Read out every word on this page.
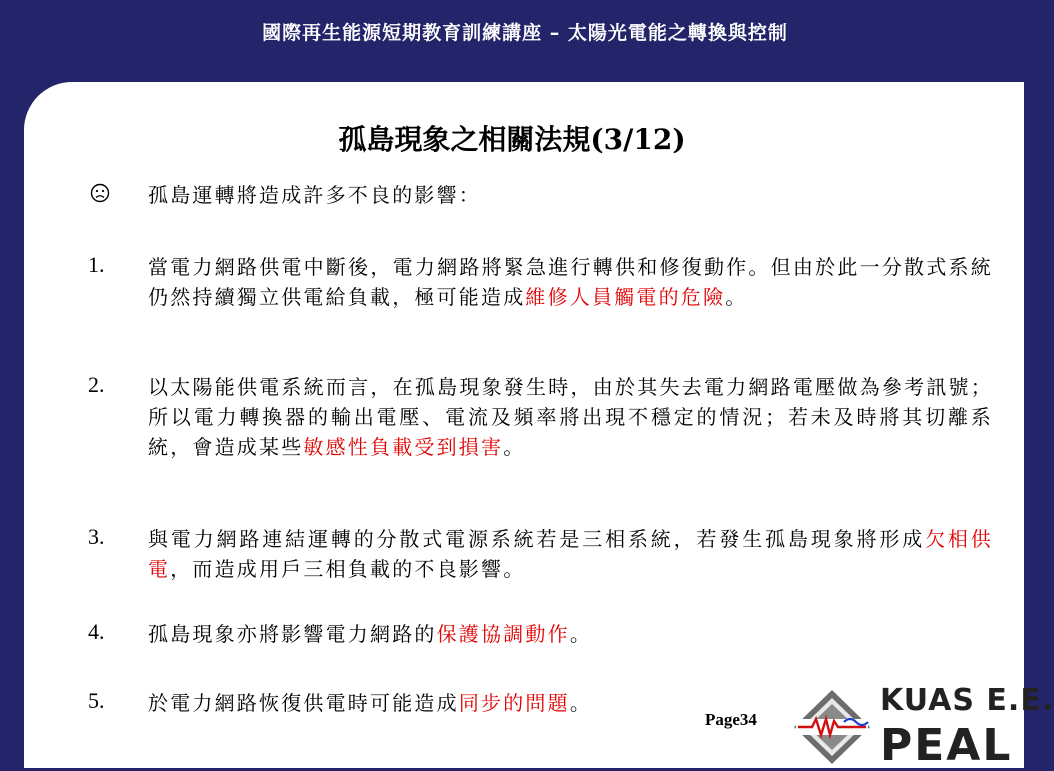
國際再生能源短期教育訓練講座 – 太陽光電能之轉換與控制
孤島現象之相關法規(3/12)
孤島運轉將造成許多不良的影響：
1. 當電力網路供電中斷後，電力網路將緊急進行轉供和修復動作。但由於此一分散式系統仍然持續獨立供電給負載，極可能造成維修人員觸電的危險。
2. 以太陽能供電系統而言，在孤島現象發生時，由於其失去電力網路電壓做為參考訊號；所以電力轉換器的輸出電壓、電流及頻率將出現不穩定的情況；若未及時將其切離系統，會造成某些敏感性負載受到損害。
3. 與電力網路連結運轉的分散式電源系統若是三相系統，若發生孤島現象將形成欠相供電，而造成用戶三相負載的不良影響。
4. 孤島現象亦將影響電力網路的保護協調動作。
5. 於電力網路恢復供電時可能造成同步的問題。
Page34
KUAS E.E.
PEAL
